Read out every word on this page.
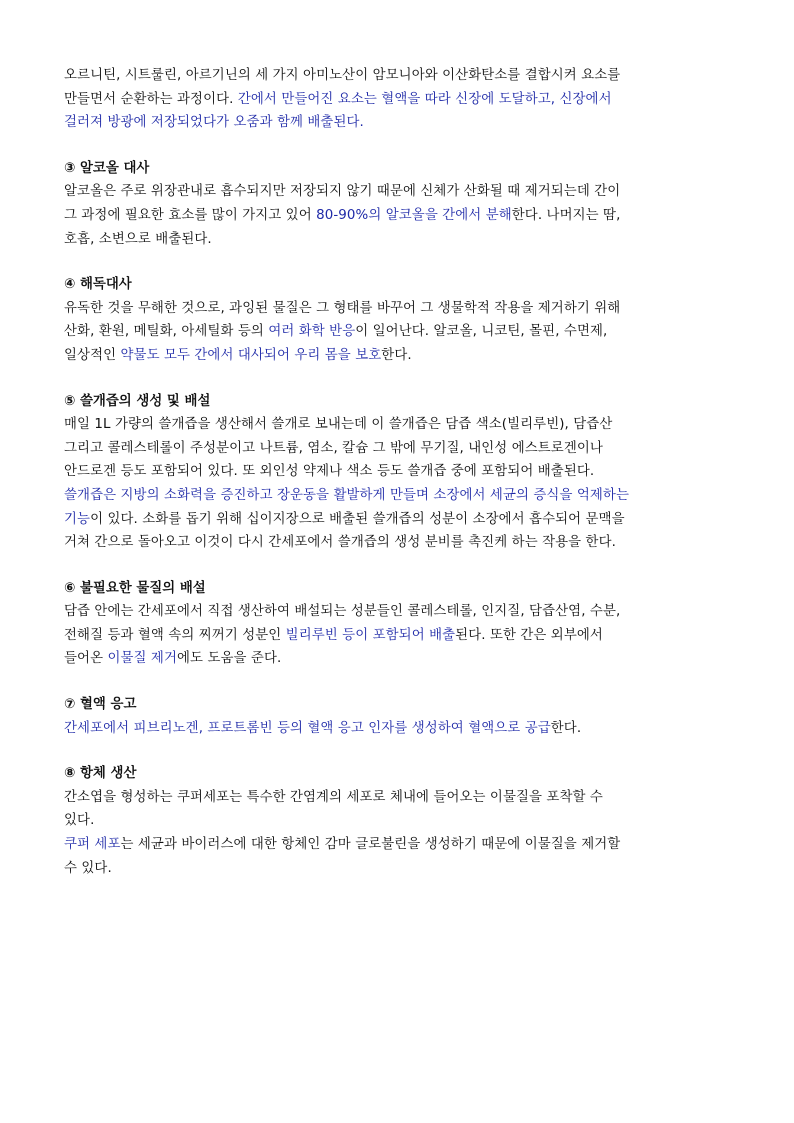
오르니틴, 시트룰린, 아르기닌의 세 가지 아미노산이 암모니아와 이산화탄소를 결합시켜 요소를
만들면서 순환하는 과정이다. 간에서 만들어진 요소는 혈액을 따라 신장에 도달하고, 신장에서
걸러져 방광에 저장되었다가 오줌과 함께 배출된다.
③ 알코올 대사
알코올은 주로 위장관내로 흡수되지만 저장되지 않기 때문에 신체가 산화될 때 제거되는데 간이
그 과정에 필요한 효소를 많이 가지고 있어 80-90%의 알코올을 간에서 분해한다. 나머지는 땀,
호흡, 소변으로 배출된다.
④ 해독대사
유독한 것을 무해한 것으로, 과잉된 물질은 그 형태를 바꾸어 그 생물학적 작용을 제거하기 위해
산화, 환원, 메틸화, 아세틸화 등의 여러 화학 반응이 일어난다. 알코올, 니코틴, 몰핀, 수면제,
일상적인 약물도 모두 간에서 대사되어 우리 몸을 보호한다.
⑤ 쓸개즙의 생성 및 배설
매일 1L 가량의 쓸개즙을 생산해서 쓸개로 보내는데 이 쓸개즙은 담즙 색소(빌리루빈), 담즙산
그리고 콜레스테롤이 주성분이고 나트륨, 염소, 칼슘 그 밖에 무기질, 내인성 에스트로겐이나
안드로겐 등도 포함되어 있다. 또 외인성 약제나 색소 등도 쓸개즙 중에 포함되어 배출된다.
쓸개즙은 지방의 소화력을 증진하고 장운동을 활발하게 만들며 소장에서 세균의 증식을 억제하는
기능이 있다. 소화를 돕기 위해 십이지장으로 배출된 쓸개즙의 성분이 소장에서 흡수되어 문맥을
거쳐 간으로 돌아오고 이것이 다시 간세포에서 쓸개즙의 생성 분비를 촉진케 하는 작용을 한다.
⑥ 불필요한 물질의 배설
담즙 안에는 간세포에서 직접 생산하여 배설되는 성분들인 콜레스테롤, 인지질, 담즙산염, 수분,
전해질 등과 혈액 속의 찌꺼기 성분인 빌리루빈 등이 포함되어 배출된다. 또한 간은 외부에서
들어온 이물질 제거에도 도움을 준다.
⑦ 혈액 응고
간세포에서 피브리노겐, 프로트롬빈 등의 혈액 응고 인자를 생성하여 혈액으로 공급한다.
⑧ 항체 생산
간소엽을 형성하는 쿠퍼세포는 특수한 간염계의 세포로 체내에 들어오는 이물질을 포착할 수
있다.
쿠퍼 세포는 세균과 바이러스에 대한 항체인 감마 글로불린을 생성하기 때문에 이물질을 제거할
수 있다.
